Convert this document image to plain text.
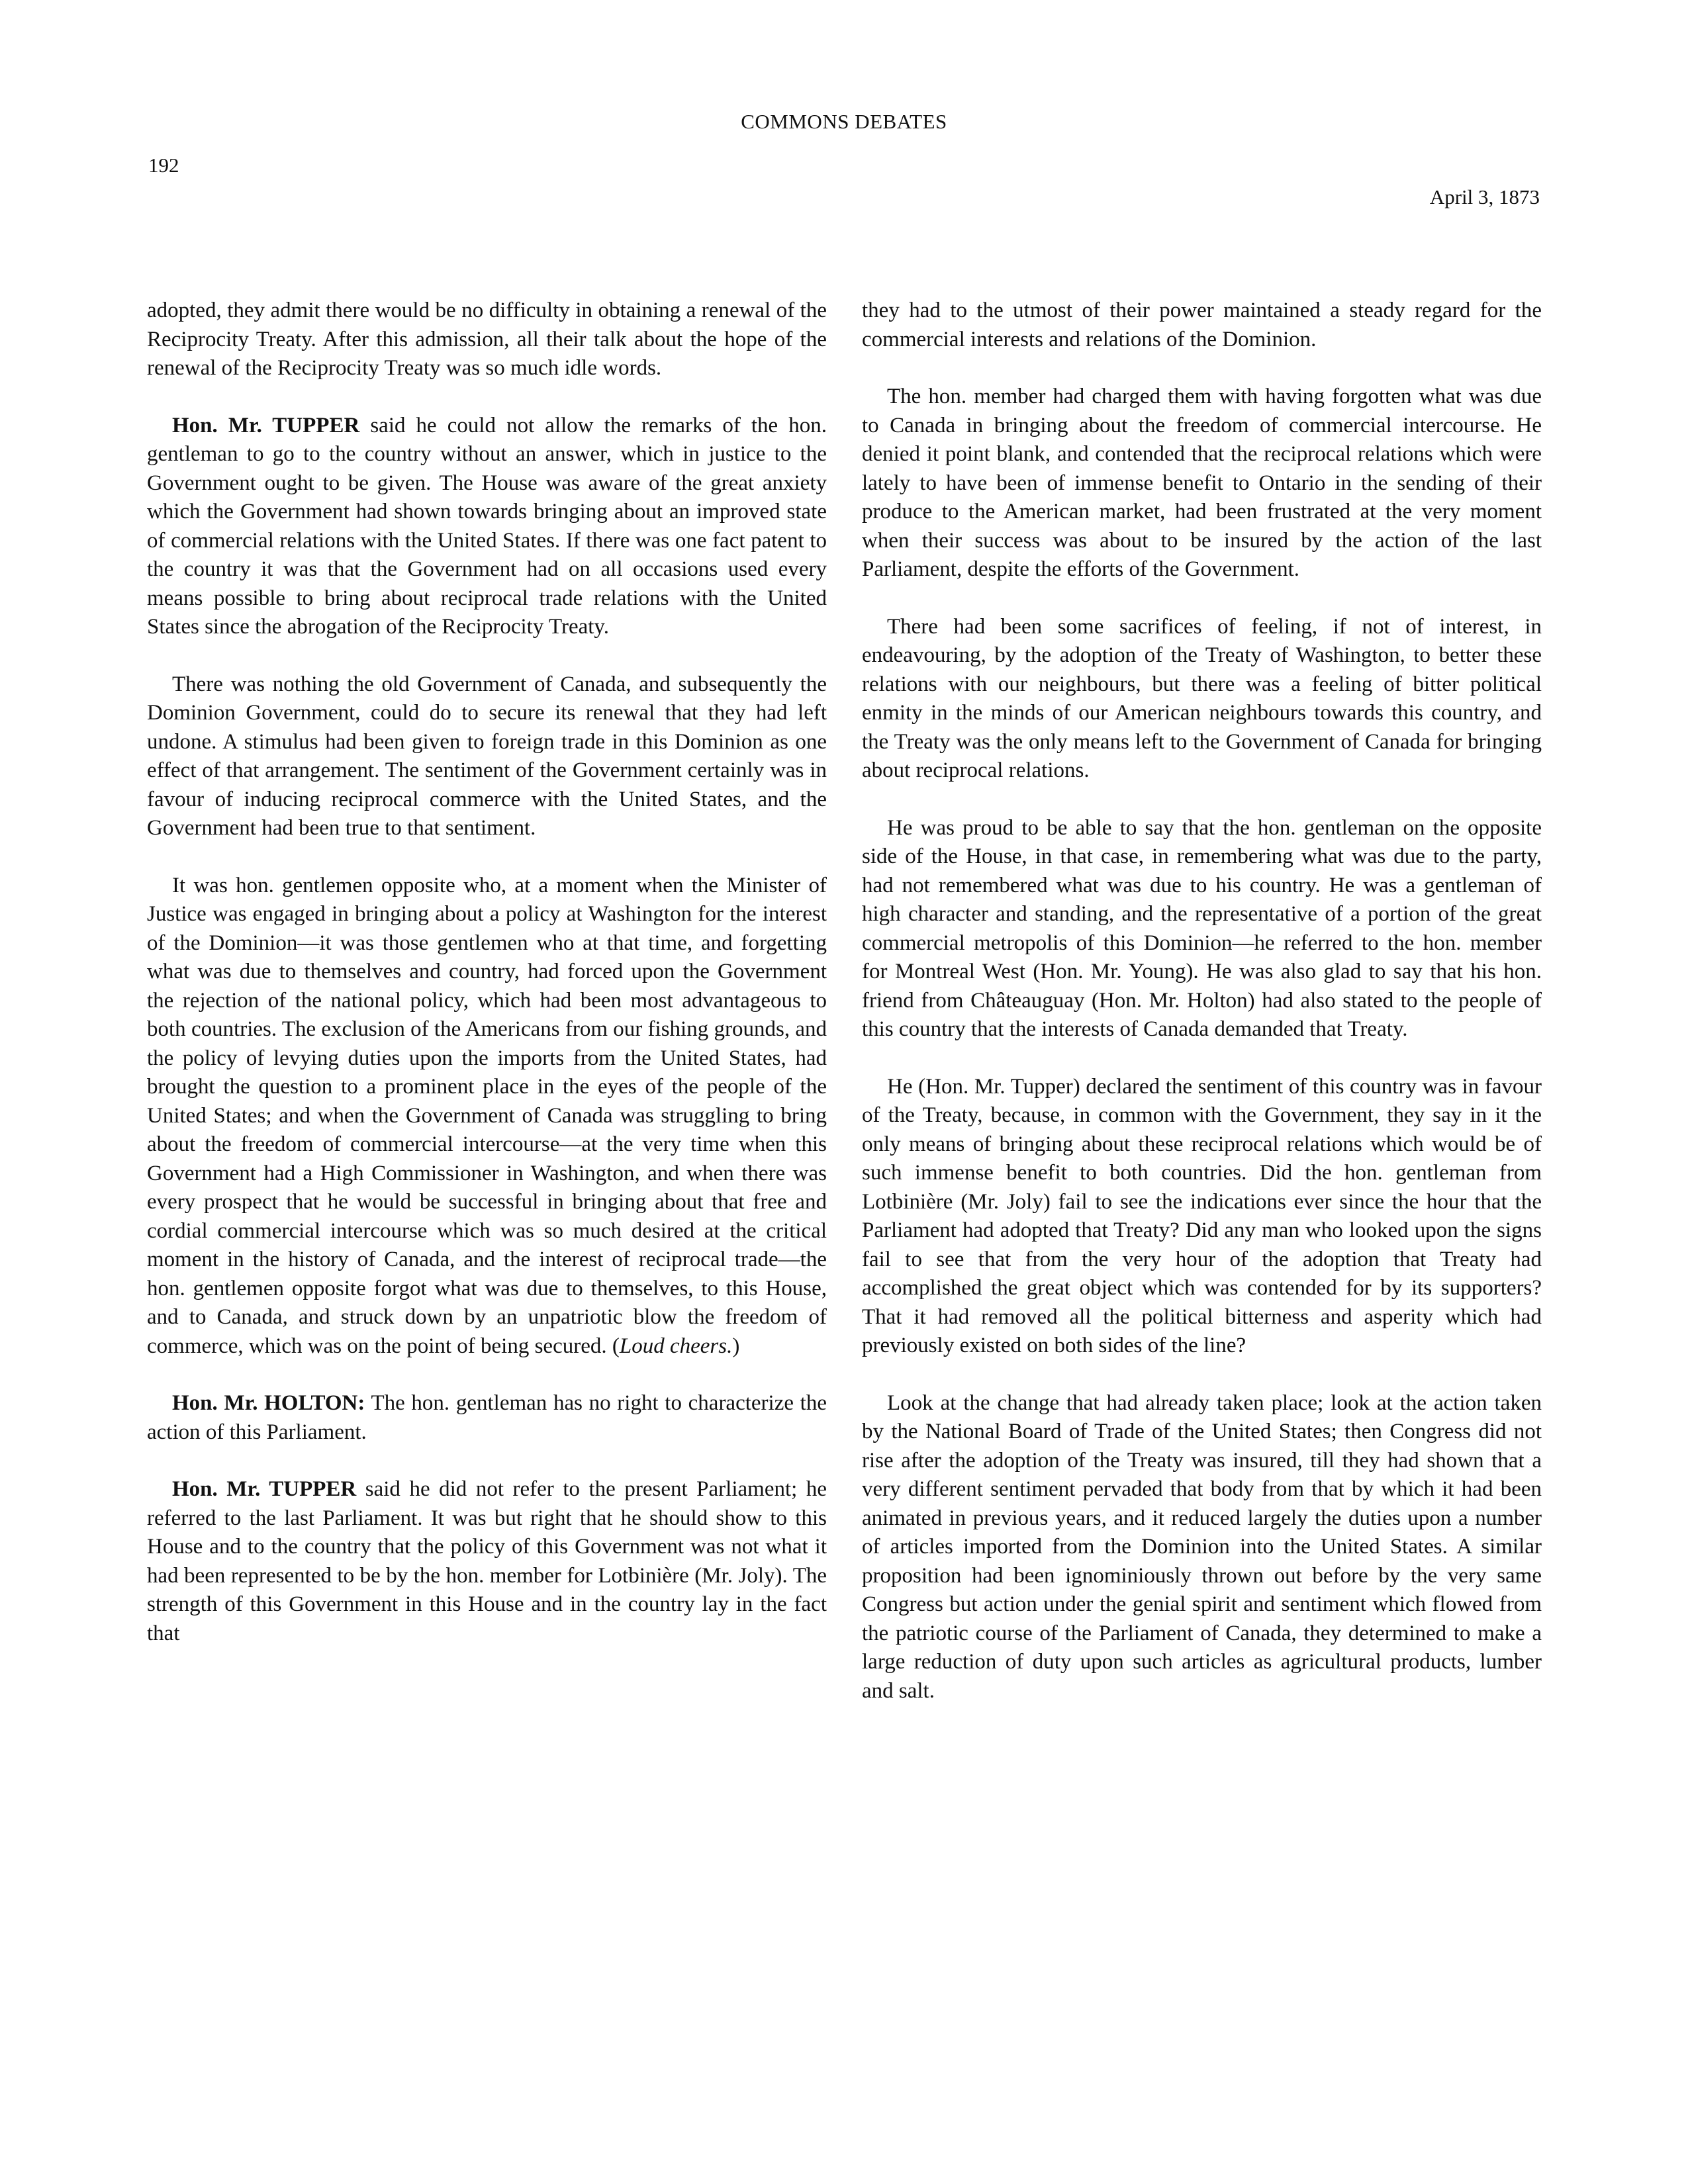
COMMONS DEBATES
192
April 3, 1873

adopted, they admit there would be no difficulty in obtaining a renewal of the Reciprocity Treaty. After this admission, all their talk about the hope of the renewal of the Reciprocity Treaty was so much idle words.

Hon. Mr. TUPPER said he could not allow the remarks of the hon. gentleman to go to the country without an answer, which in justice to the Government ought to be given. The House was aware of the great anxiety which the Government had shown towards bringing about an improved state of commercial relations with the United States. If there was one fact patent to the country it was that the Government had on all occasions used every means possible to bring about reciprocal trade relations with the United States since the abrogation of the Reciprocity Treaty.

There was nothing the old Government of Canada, and subsequently the Dominion Government, could do to secure its renewal that they had left undone. A stimulus had been given to foreign trade in this Dominion as one effect of that arrangement. The sentiment of the Government certainly was in favour of inducing reciprocal commerce with the United States, and the Government had been true to that sentiment.

It was hon. gentlemen opposite who, at a moment when the Minister of Justice was engaged in bringing about a policy at Washington for the interest of the Dominion—it was those gentlemen who at that time, and forgetting what was due to themselves and country, had forced upon the Government the rejection of the national policy, which had been most advantageous to both countries. The exclusion of the Americans from our fishing grounds, and the policy of levying duties upon the imports from the United States, had brought the question to a prominent place in the eyes of the people of the United States; and when the Government of Canada was struggling to bring about the freedom of commercial intercourse—at the very time when this Government had a High Commissioner in Washington, and when there was every prospect that he would be successful in bringing about that free and cordial commercial intercourse which was so much desired at the critical moment in the history of Canada, and the interest of reciprocal trade—the hon. gentlemen opposite forgot what was due to themselves, to this House, and to Canada, and struck down by an unpatriotic blow the freedom of commerce, which was on the point of being secured. (Loud cheers.)

Hon. Mr. HOLTON: The hon. gentleman has no right to characterize the action of this Parliament.

Hon. Mr. TUPPER said he did not refer to the present Parliament; he referred to the last Parliament. It was but right that he should show to this House and to the country that the policy of this Government was not what it had been represented to be by the hon. member for Lotbinière (Mr. Joly). The strength of this Government in this House and in the country lay in the fact that

they had to the utmost of their power maintained a steady regard for the commercial interests and relations of the Dominion.

The hon. member had charged them with having forgotten what was due to Canada in bringing about the freedom of commercial intercourse. He denied it point blank, and contended that the reciprocal relations which were lately to have been of immense benefit to Ontario in the sending of their produce to the American market, had been frustrated at the very moment when their success was about to be insured by the action of the last Parliament, despite the efforts of the Government.

There had been some sacrifices of feeling, if not of interest, in endeavouring, by the adoption of the Treaty of Washington, to better these relations with our neighbours, but there was a feeling of bitter political enmity in the minds of our American neighbours towards this country, and the Treaty was the only means left to the Government of Canada for bringing about reciprocal relations.

He was proud to be able to say that the hon. gentleman on the opposite side of the House, in that case, in remembering what was due to the party, had not remembered what was due to his country. He was a gentleman of high character and standing, and the representative of a portion of the great commercial metropolis of this Dominion—he referred to the hon. member for Montreal West (Hon. Mr. Young). He was also glad to say that his hon. friend from Châteauguay (Hon. Mr. Holton) had also stated to the people of this country that the interests of Canada demanded that Treaty.

He (Hon. Mr. Tupper) declared the sentiment of this country was in favour of the Treaty, because, in common with the Government, they say in it the only means of bringing about these reciprocal relations which would be of such immense benefit to both countries. Did the hon. gentleman from Lotbinière (Mr. Joly) fail to see the indications ever since the hour that the Parliament had adopted that Treaty? Did any man who looked upon the signs fail to see that from the very hour of the adoption that Treaty had accomplished the great object which was contended for by its supporters? That it had removed all the political bitterness and asperity which had previously existed on both sides of the line?

Look at the change that had already taken place; look at the action taken by the National Board of Trade of the United States; then Congress did not rise after the adoption of the Treaty was insured, till they had shown that a very different sentiment pervaded that body from that by which it had been animated in previous years, and it reduced largely the duties upon a number of articles imported from the Dominion into the United States. A similar proposition had been ignominiously thrown out before by the very same Congress but action under the genial spirit and sentiment which flowed from the patriotic course of the Parliament of Canada, they determined to make a large reduction of duty upon such articles as agricultural products, lumber and salt.
